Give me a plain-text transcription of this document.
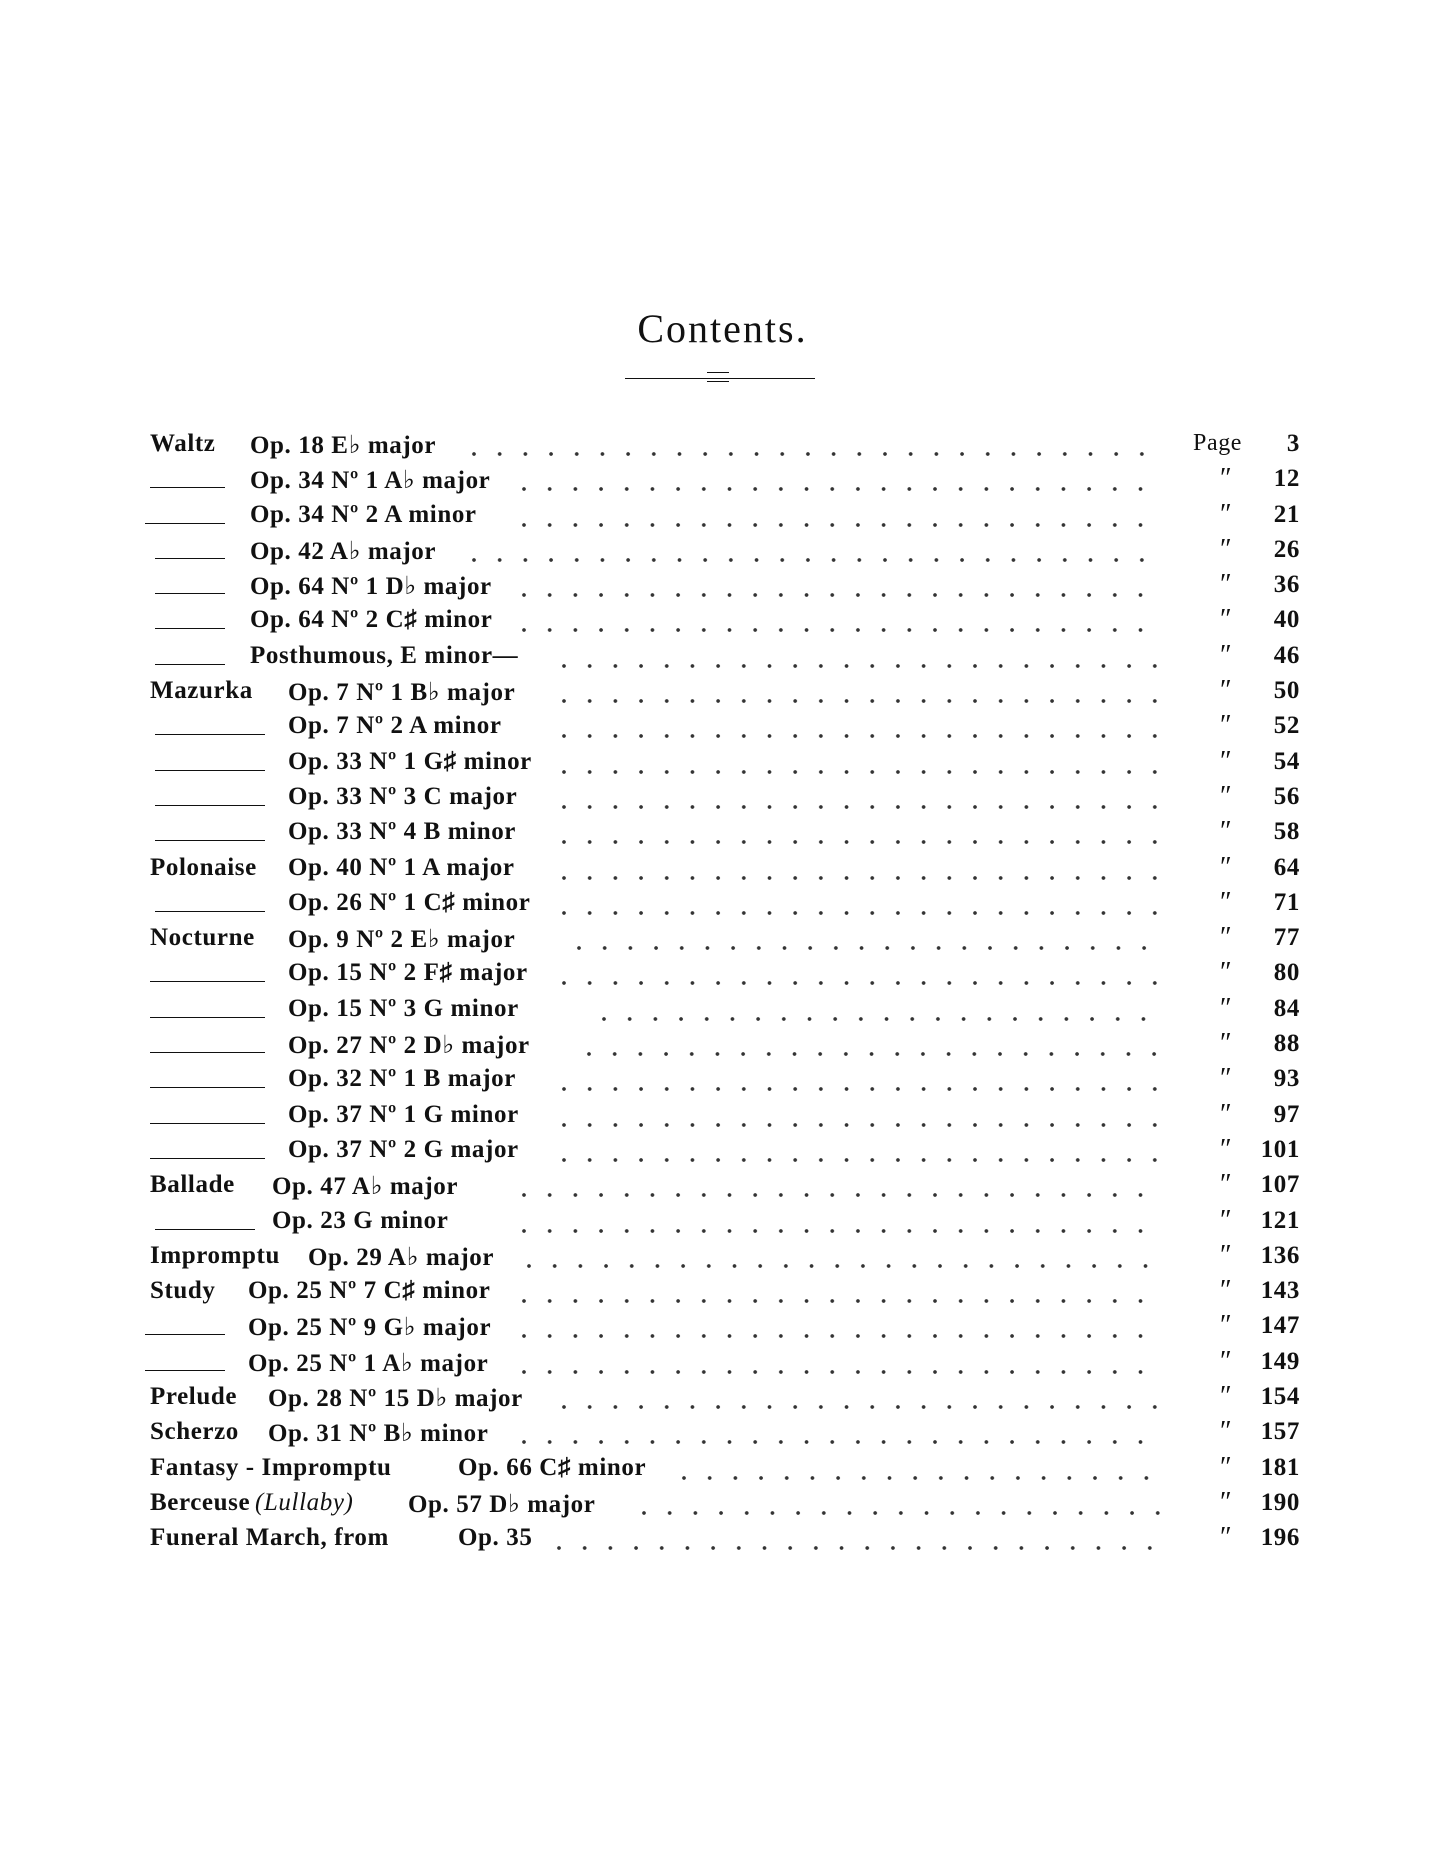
Contents.
Waltz Op. 18 E♭ major	Page 3
Op. 34 Nº 1 A♭ major	″ 12
Op. 34 Nº 2 A minor	″ 21
Op. 42 A♭ major	″ 26
Op. 64 Nº 1 D♭ major	″ 36
Op. 64 Nº 2 C♯ minor	″ 40
Posthumous, E minor—	″ 46
Mazurka Op. 7 Nº 1 B♭ major	″ 50
Op. 7 Nº 2 A minor	″ 52
Op. 33 Nº 1 G♯ minor	″ 54
Op. 33 Nº 3 C major	″ 56
Op. 33 Nº 4 B minor	″ 58
Polonaise Op. 40 Nº 1 A major	″ 64
Op. 26 Nº 1 C♯ minor	″ 71
Nocturne Op. 9 Nº 2 E♭ major	″ 77
Op. 15 Nº 2 F♯ major	″ 80
Op. 15 Nº 3 G minor	″ 84
Op. 27 Nº 2 D♭ major	″ 88
Op. 32 Nº 1 B major	″ 93
Op. 37 Nº 1 G minor	″ 97
Op. 37 Nº 2 G major	″ 101
Ballade Op. 47 A♭ major	″ 107
Op. 23 G minor	″ 121
Impromptu Op. 29 A♭ major	″ 136
Study Op. 25 Nº 7 C♯ minor	″ 143
Op. 25 Nº 9 G♭ major	″ 147
Op. 25 Nº 1 A♭ major	″ 149
Prelude Op. 28 Nº 15 D♭ major	″ 154
Scherzo Op. 31 Nº B♭ minor	″ 157
Fantasy - Impromptu	Op. 66 C♯ minor	″ 181
Berceuse (Lullaby) Op. 57 D♭ major	″ 190
Funeral March, from	Op. 35	″ 196
